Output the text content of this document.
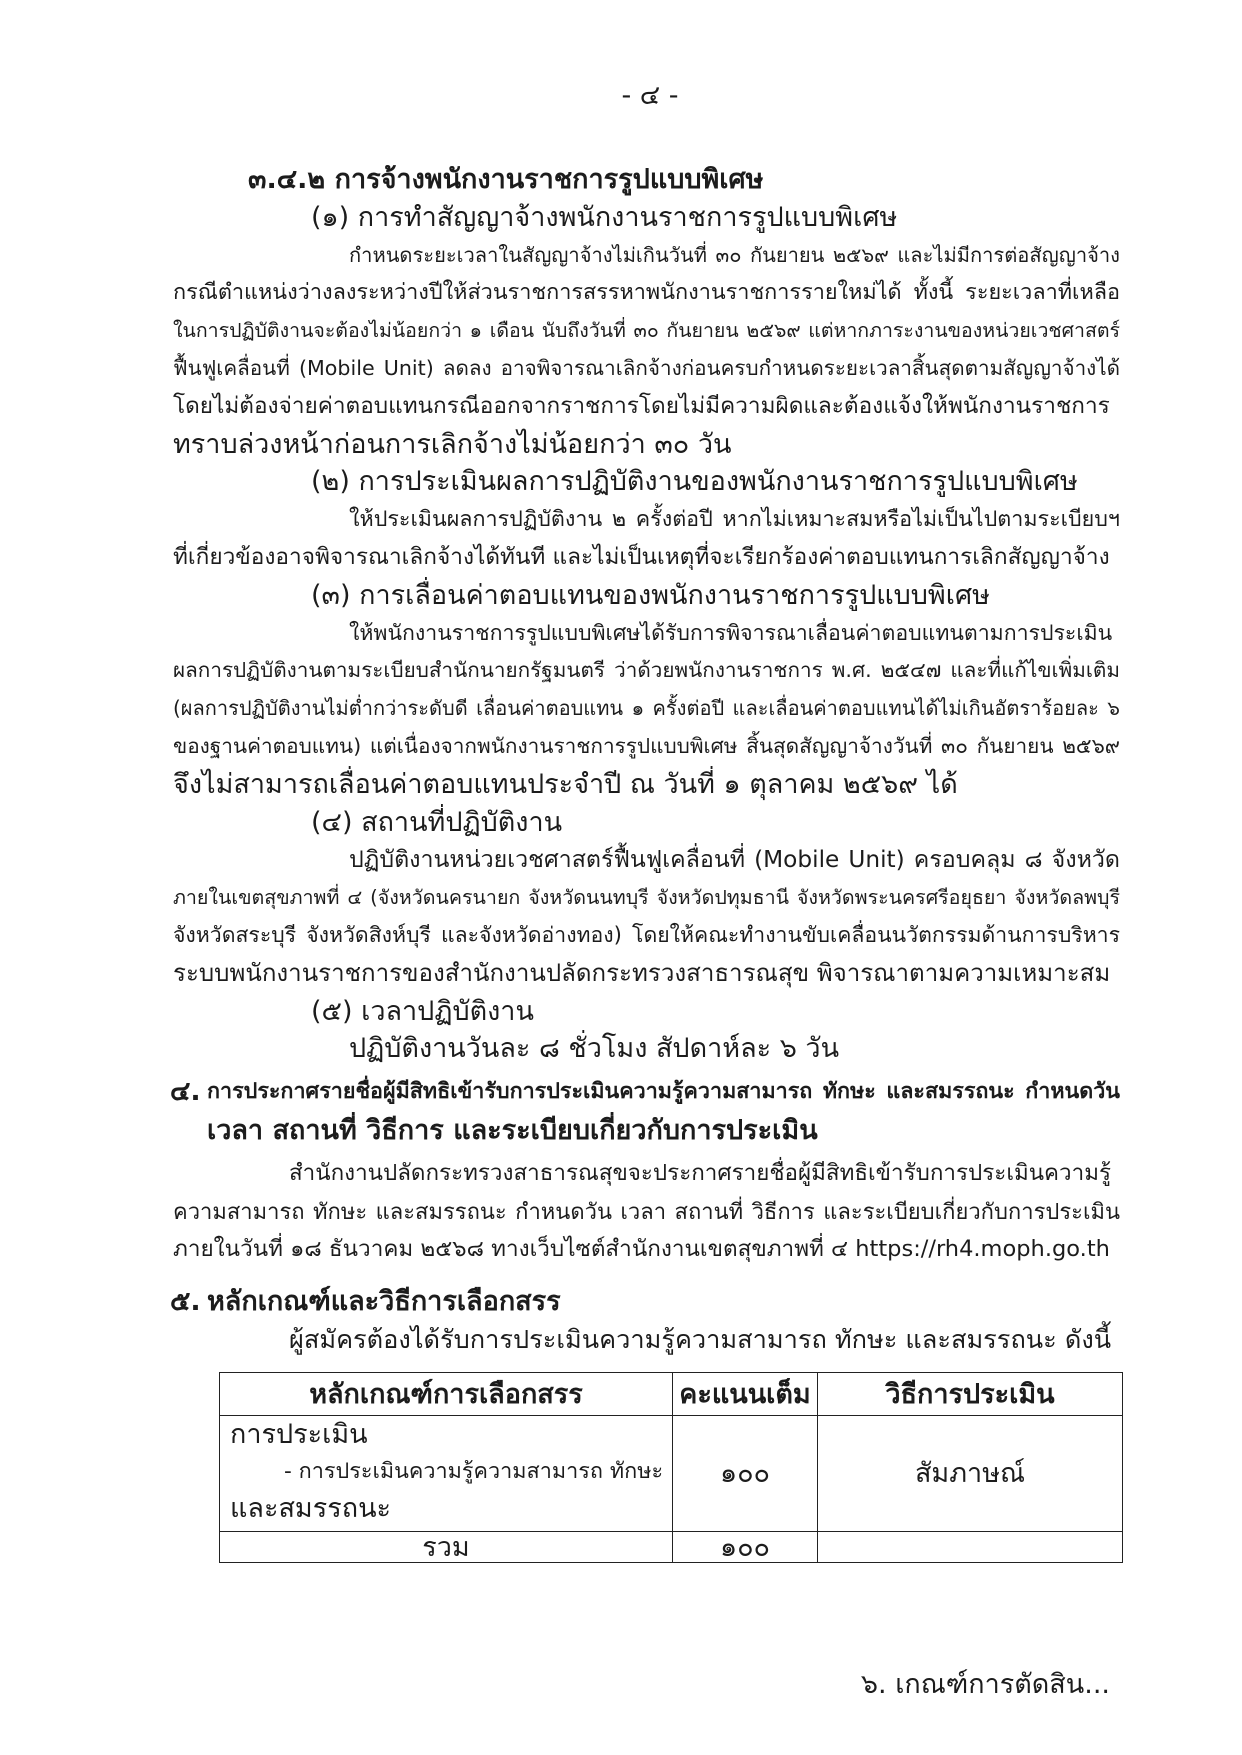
- ๔ -
๓.๔.๒ การจ้างพนักงานราชการรูปแบบพิเศษ
(๑) การทำสัญญาจ้างพนักงานราชการรูปแบบพิเศษ
กำหนดระยะเวลาในสัญญาจ้างไม่เกินวันที่ ๓๐ กันยายน ๒๕๖๙ และไม่มีการต่อสัญญาจ้าง
กรณีตำแหน่งว่างลงระหว่างปีให้ส่วนราชการสรรหาพนักงานราชการรายใหม่ได้ ทั้งนี้ ระยะเวลาที่เหลือ
ในการปฏิบัติงานจะต้องไม่น้อยกว่า ๑ เดือน นับถึงวันที่ ๓๐ กันยายน ๒๕๖๙ แต่หากภาระงานของหน่วยเวชศาสตร์
ฟื้นฟูเคลื่อนที่ (Mobile Unit) ลดลง อาจพิจารณาเลิกจ้างก่อนครบกำหนดระยะเวลาสิ้นสุดตามสัญญาจ้างได้
โดยไม่ต้องจ่ายค่าตอบแทนกรณีออกจากราชการโดยไม่มีความผิดและต้องแจ้งให้พนักงานราชการ
ทราบล่วงหน้าก่อนการเลิกจ้างไม่น้อยกว่า ๓๐ วัน
(๒) การประเมินผลการปฏิบัติงานของพนักงานราชการรูปแบบพิเศษ
ให้ประเมินผลการปฏิบัติงาน ๒ ครั้งต่อปี หากไม่เหมาะสมหรือไม่เป็นไปตามระเบียบฯ
ที่เกี่ยวข้องอาจพิจารณาเลิกจ้างได้ทันที และไม่เป็นเหตุที่จะเรียกร้องค่าตอบแทนการเลิกสัญญาจ้าง
(๓) การเลื่อนค่าตอบแทนของพนักงานราชการรูปแบบพิเศษ
ให้พนักงานราชการรูปแบบพิเศษได้รับการพิจารณาเลื่อนค่าตอบแทนตามการประเมิน
ผลการปฏิบัติงานตามระเบียบสำนักนายกรัฐมนตรี ว่าด้วยพนักงานราชการ พ.ศ. ๒๕๔๗ และที่แก้ไขเพิ่มเติม
(ผลการปฏิบัติงานไม่ต่ำกว่าระดับดี เลื่อนค่าตอบแทน ๑ ครั้งต่อปี และเลื่อนค่าตอบแทนได้ไม่เกินอัตราร้อยละ ๖
ของฐานค่าตอบแทน) แต่เนื่องจากพนักงานราชการรูปแบบพิเศษ สิ้นสุดสัญญาจ้างวันที่ ๓๐ กันยายน ๒๕๖๙
จึงไม่สามารถเลื่อนค่าตอบแทนประจำปี ณ วันที่ ๑ ตุลาคม ๒๕๖๙ ได้
(๔) สถานที่ปฏิบัติงาน
ปฏิบัติงานหน่วยเวชศาสตร์ฟื้นฟูเคลื่อนที่ (Mobile Unit) ครอบคลุม ๘ จังหวัด
ภายในเขตสุขภาพที่ ๔ (จังหวัดนครนายก จังหวัดนนทบุรี จังหวัดปทุมธานี จังหวัดพระนครศรีอยุธยา จังหวัดลพบุรี
จังหวัดสระบุรี จังหวัดสิงห์บุรี และจังหวัดอ่างทอง) โดยให้คณะทำงานขับเคลื่อนนวัตกรรมด้านการบริหาร
ระบบพนักงานราชการของสำนักงานปลัดกระทรวงสาธารณสุข พิจารณาตามความเหมาะสม
(๕) เวลาปฏิบัติงาน
ปฏิบัติงานวันละ ๘ ชั่วโมง สัปดาห์ละ ๖ วัน
๔. การประกาศรายชื่อผู้มีสิทธิเข้ารับการประเมินความรู้ความสามารถ ทักษะ และสมรรถนะ กำหนดวัน
เวลา สถานที่ วิธีการ และระเบียบเกี่ยวกับการประเมิน
สำนักงานปลัดกระทรวงสาธารณสุขจะประกาศรายชื่อผู้มีสิทธิเข้ารับการประเมินความรู้
ความสามารถ ทักษะ และสมรรถนะ กำหนดวัน เวลา สถานที่ วิธีการ และระเบียบเกี่ยวกับการประเมิน
ภายในวันที่ ๑๘ ธันวาคม ๒๕๖๘ ทางเว็บไซต์สำนักงานเขตสุขภาพที่ ๔ https://rh4.moph.go.th
๕. หลักเกณฑ์และวิธีการเลือกสรร
ผู้สมัครต้องได้รับการประเมินความรู้ความสามารถ ทักษะ และสมรรถนะ ดังนี้
หลักเกณฑ์การเลือกสรร	คะแนนเต็ม	วิธีการประเมิน

การประเมิน
- การประเมินความรู้ความสามารถ ทักษะ
และสมรรถนะ	๑๐๐	สัมภาษณ์

รวม	๑๐๐	

๖. เกณฑ์การตัดสิน...
